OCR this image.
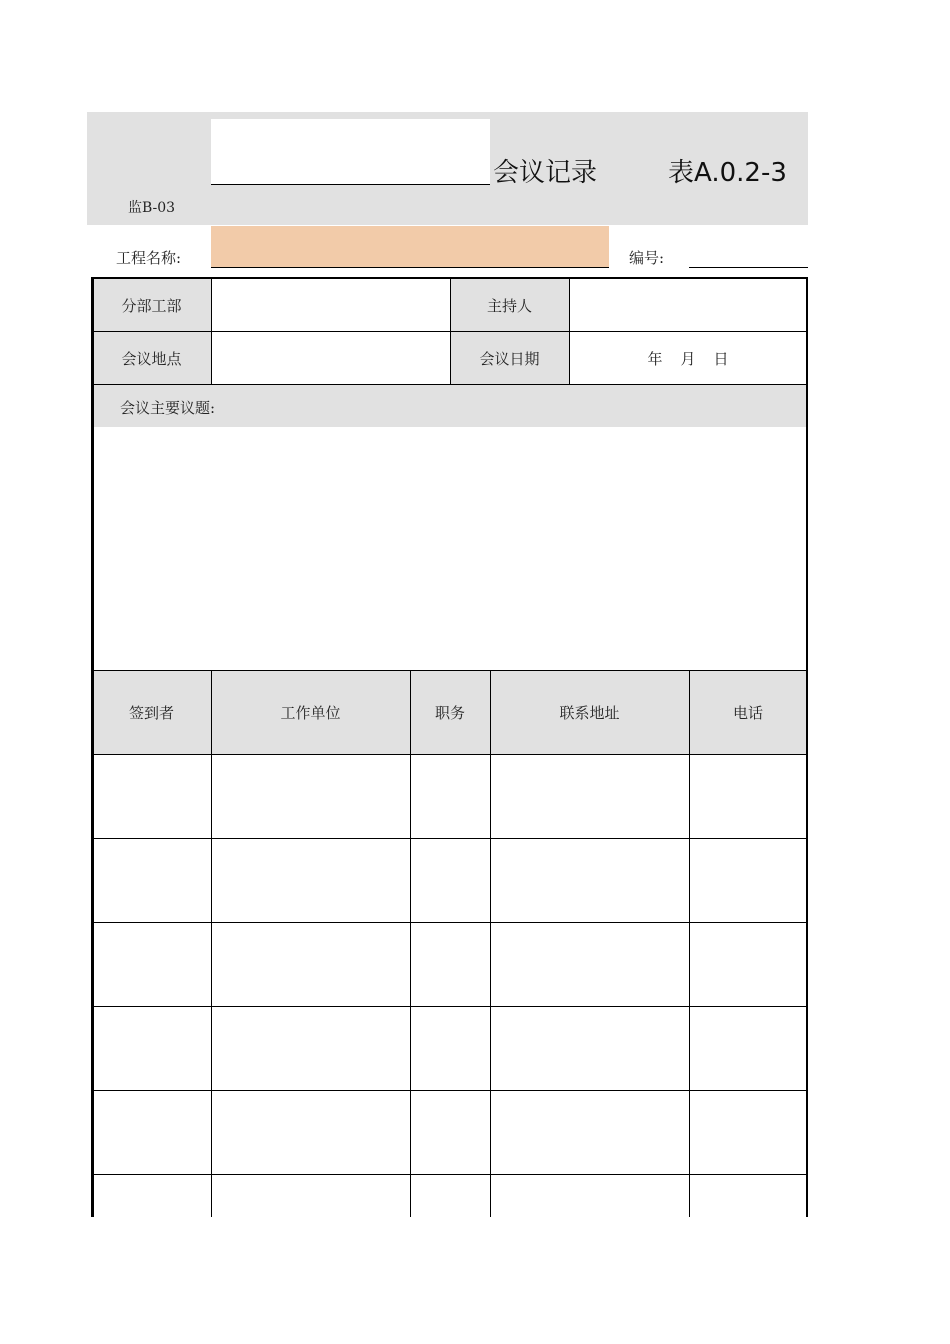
会议记录	表A.0.2-3
监B-03
工程名称:	编号:
分部工部	主持人
会议地点	会议日期	年 月 日
会议主要议题:
签到者	工作单位	职务	联系地址	电话
